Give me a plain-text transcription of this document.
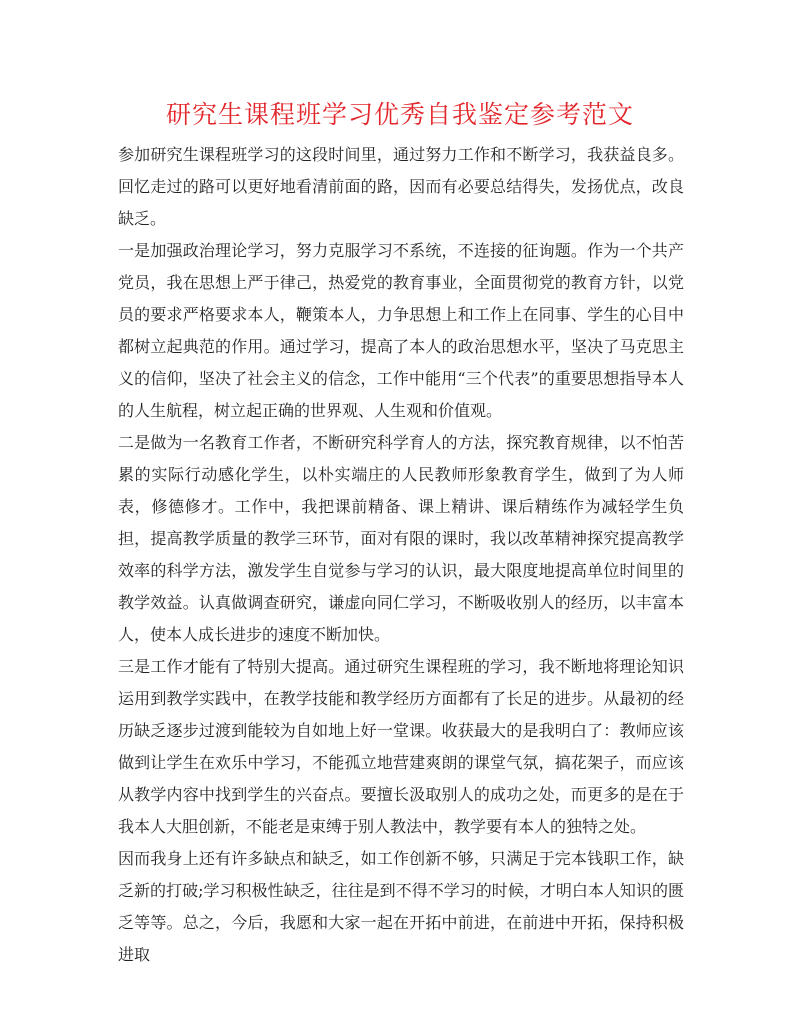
研究生课程班学习优秀自我鉴定参考范文

参加研究生课程班学习的这段时间里，通过努力工作和不断学习，我获益良多。回忆走过的路可以更好地看清前面的路，因而有必要总结得失，发扬优点，改良缺乏。

一是加强政治理论学习，努力克服学习不系统，不连接的征询题。作为一个共产党员，我在思想上严于律己，热爱党的教育事业，全面贯彻党的教育方针，以党员的要求严格要求本人，鞭策本人，力争思想上和工作上在同事、学生的心目中都树立起典范的作用。通过学习，提高了本人的政治思想水平，坚决了马克思主义的信仰，坚决了社会主义的信念，工作中能用“三个代表”的重要思想指导本人的人生航程，树立起正确的世界观、人生观和价值观。

二是做为一名教育工作者，不断研究科学育人的方法，探究教育规律，以不怕苦累的实际行动感化学生，以朴实端庄的人民教师形象教育学生，做到了为人师表，修德修才。工作中，我把课前精备、课上精讲、课后精练作为减轻学生负担，提高教学质量的教学三环节，面对有限的课时，我以改革精神探究提高教学效率的科学方法，激发学生自觉参与学习的认识，最大限度地提高单位时间里的教学效益。认真做调查研究，谦虚向同仁学习，不断吸收别人的经历，以丰富本人，使本人成长进步的速度不断加快。

三是工作才能有了特别大提高。通过研究生课程班的学习，我不断地将理论知识运用到教学实践中，在教学技能和教学经历方面都有了长足的进步。从最初的经历缺乏逐步过渡到能较为自如地上好一堂课。收获最大的是我明白了：教师应该做到让学生在欢乐中学习，不能孤立地营建爽朗的课堂气氛，搞花架子，而应该从教学内容中找到学生的兴奋点。要擅长汲取别人的成功之处，而更多的是在于我本人大胆创新，不能老是束缚于别人教法中，教学要有本人的独特之处。

因而我身上还有许多缺点和缺乏，如工作创新不够，只满足于完本钱职工作，缺乏新的打破;学习积极性缺乏，往往是到不得不学习的时候，才明白本人知识的匮乏等等。总之，今后，我愿和大家一起在开拓中前进，在前进中开拓，保持积极进取
